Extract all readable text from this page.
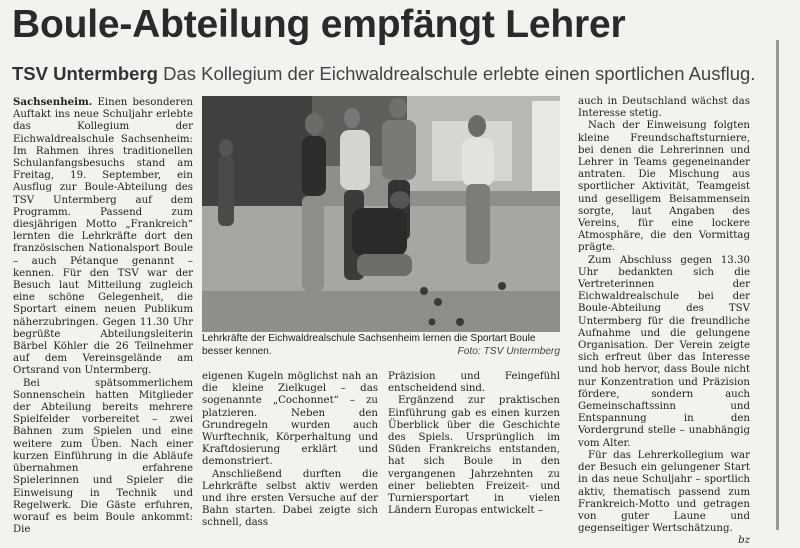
Boule-Abteilung empfängt Lehrer
TSV Untermberg Das Kollegium der Eichwaldrealschule erlebte einen sportlichen Ausflug.

Sachsenheim. Einen besonderen Auftakt ins neue Schuljahr erlebte das Kollegium der Eichwaldrealschule Sachsenheim: Im Rahmen ihres traditionellen Schulanfangsbesuchs stand am Freitag, 19. September, ein Ausflug zur Boule-Abteilung des TSV Untermberg auf dem Programm. Passend zum diesjährigen Motto „Frankreich“ lernten die Lehrkräfte dort den französischen Nationalsport Boule – auch Pétanque genannt – kennen. Für den TSV war der Besuch laut Mitteilung zugleich eine schöne Gelegenheit, die Sportart einem neuen Publikum näherzubringen. Gegen 11.30 Uhr begrüßte Abteilungsleiterin Bärbel Köhler die 26 Teilnehmer auf dem Vereinsgelände am Ortsrand von Untermberg.

Bei spätsommerlichem Sonnenschein hatten Mitglieder der Abteilung bereits mehrere Spielfelder vorbereitet – zwei Bahnen zum Spielen und eine weitere zum Üben. Nach einer kurzen Einführung in die Abläufe übernahmen erfahrene Spielerinnen und Spieler die Einweisung in Technik und Regelwerk. Die Gäste erfuhren, worauf es beim Boule ankommt: Die

Lehrkräfte der Eichwaldrealschule Sachsenheim lernen die Sportart Boule besser kennen.	Foto: TSV Untermberg

eigenen Kugeln möglichst nah an die kleine Zielkugel – das sogenannte „Cochonnet“ – zu platzieren. Neben den Grundregeln wurden auch Wurftechnik, Körperhaltung und Kraftdosierung erklärt und demonstriert.

Anschließend durften die Lehrkräfte selbst aktiv werden und ihre ersten Versuche auf der Bahn starten. Dabei zeigte sich schnell, dass

Präzision und Feingefühl entscheidend sind.

Ergänzend zur praktischen Einführung gab es einen kurzen Überblick über die Geschichte des Spiels. Ursprünglich im Süden Frankreichs entstanden, hat sich Boule in den vergangenen Jahrzehnten zu einer beliebten Freizeit- und Turniersportart in vielen Ländern Europas entwickelt –

auch in Deutschland wächst das Interesse stetig.

Nach der Einweisung folgten kleine Freundschaftsturniere, bei denen die Lehrerinnen und Lehrer in Teams gegeneinander antraten. Die Mischung aus sportlicher Aktivität, Teamgeist und geselligem Beisammensein sorgte, laut Angaben des Vereins, für eine lockere Atmosphäre, die den Vormittag prägte.

Zum Abschluss gegen 13.30 Uhr bedankten sich die Vertreterinnen der Eichwaldrealschule bei der Boule-Abteilung des TSV Untermberg für die freundliche Aufnahme und die gelungene Organisation. Der Verein zeigte sich erfreut über das Interesse und hob hervor, dass Boule nicht nur Konzentration und Präzision fördere, sondern auch Gemeinschaftssinn und Entspannung in den Vordergrund stelle – unabhängig vom Alter.

Für das Lehrerkollegium war der Besuch ein gelungener Start in das neue Schuljahr – sportlich aktiv, thematisch passend zum Frankreich-Motto und getragen von guter Laune und gegenseitiger Wertschätzung.
bz
